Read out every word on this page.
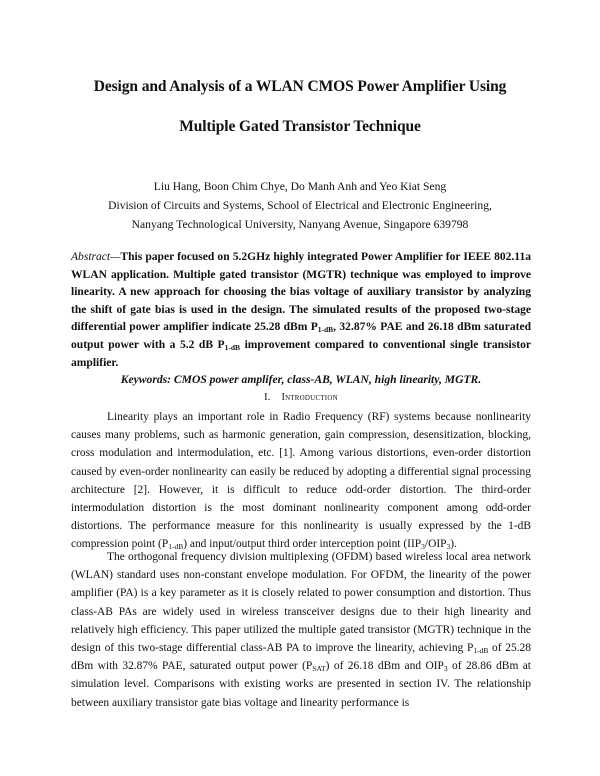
Design and Analysis of a WLAN CMOS Power Amplifier Using
Multiple Gated Transistor Technique
Liu Hang, Boon Chim Chye, Do Manh Anh and Yeo Kiat Seng
Division of Circuits and Systems, School of Electrical and Electronic Engineering,
Nanyang Technological University, Nanyang Avenue, Singapore 639798
Abstract—This paper focused on 5.2GHz highly integrated Power Amplifier for IEEE 802.11a WLAN application. Multiple gated transistor (MGTR) technique was employed to improve linearity. A new approach for choosing the bias voltage of auxiliary transistor by analyzing the shift of gate bias is used in the design. The simulated results of the proposed two-stage differential power amplifier indicate 25.28 dBm $P_{1-dB}$, 32.87% PAE and 26.18 dBm saturated output power with a 5.2 dB $P_{1-dB}$ improvement compared to conventional single transistor amplifier.
Keywords: CMOS power amplifer, class-AB, WLAN, high linearity, MGTR.
I. Introduction

Linearity plays an important role in Radio Frequency (RF) systems because nonlinearity causes many problems, such as harmonic generation, gain compression, desensitization, blocking, cross modulation and intermodulation, etc. [1]. Among various distortions, even-order distortion caused by even-order nonlinearity can easily be reduced by adopting a differential signal processing architecture [2]. However, it is difficult to reduce odd-order distortion. The third-order intermodulation distortion is the most dominant nonlinearity component among odd-order distortions. The performance measure for this nonlinearity is usually expressed by the 1-dB compression point $(P_{1-dB})$ and input/output third order interception point $(IIP_3/OIP_3)$.

The orthogonal frequency division multiplexing (OFDM) based wireless local area network (WLAN) standard uses non-constant envelope modulation. For OFDM, the linearity of the power amplifier (PA) is a key parameter as it is closely related to power consumption and distortion. Thus class-AB PAs are widely used in wireless transceiver designs due to their high linearity and relatively high efficiency. This paper utilized the multiple gated transistor (MGTR) technique in the design of this two-stage differential class-AB PA to improve the linearity, achieving $P_{1-dB}$ of 25.28 dBm with 32.87% PAE, saturated output power $(P_{SAT})$ of 26.18 dBm and $OIP_3$ of 28.86 dBm at simulation level. Comparisons with existing works are presented in section IV. The relationship between auxiliary transistor gate bias voltage and linearity performance is
